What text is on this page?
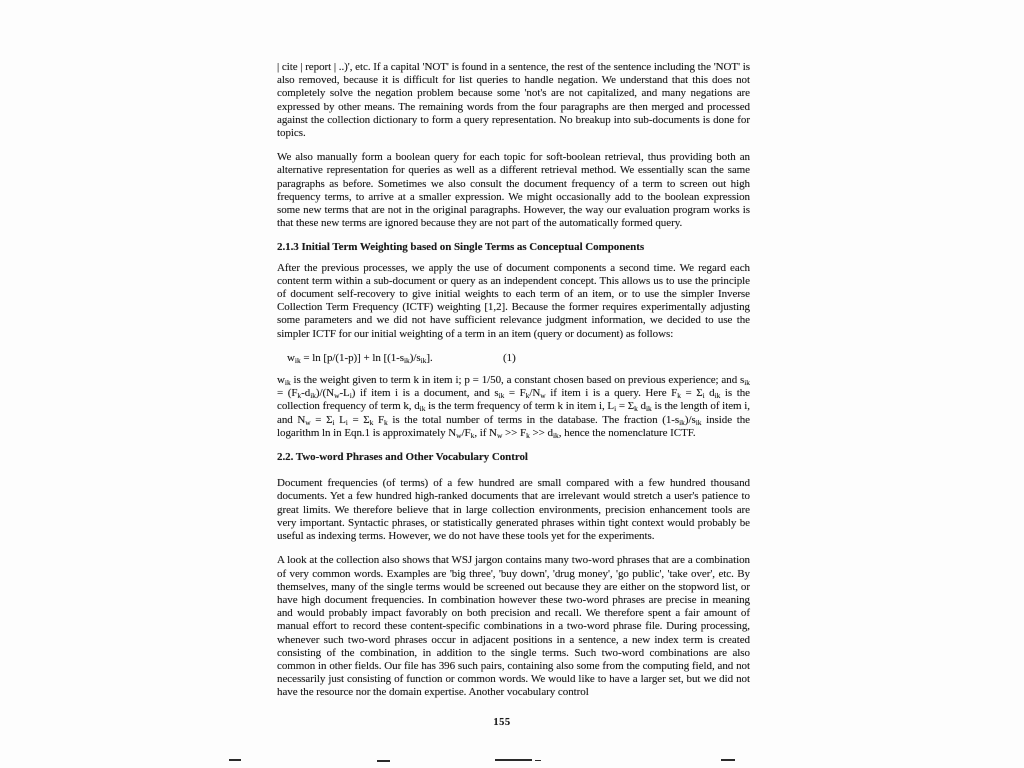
| cite | report | ..)', etc. If a capital 'NOT' is found in a sentence, the rest of the sentence including the 'NOT' is also removed, because it is difficult for list queries to handle negation. We understand that this does not completely solve the negation problem because some 'not's are not capitalized, and many negations are expressed by other means. The remaining words from the four paragraphs are then merged and processed against the collection dictionary to form a query representation. No breakup into sub-documents is done for topics.

We also manually form a boolean query for each topic for soft-boolean retrieval, thus providing both an alternative representation for queries as well as a different retrieval method. We essentially scan the same paragraphs as before. Sometimes we also consult the document frequency of a term to screen out high frequency terms, to arrive at a smaller expression. We might occasionally add to the boolean expression some new terms that are not in the original paragraphs. However, the way our evaluation program works is that these new terms are ignored because they are not part of the automatically formed query.

2.1.3 Initial Term Weighting based on Single Terms as Conceptual Components

After the previous processes, we apply the use of document components a second time. We regard each content term within a sub-document or query as an independent concept. This allows us to use the principle of document self-recovery to give initial weights to each term of an item, or to use the simpler Inverse Collection Term Frequency (ICTF) weighting [1,2]. Because the former requires experimentally adjusting some parameters and we did not have sufficient relevance judgment information, we decided to use the simpler ICTF for our initial weighting of a term in an item (query or document) as follows:

$w_{ik} = \ln [p/(1-p)] + \ln [(1-s_{ik})/s_{ik}]$.	(1)

$w_{ik}$ is the weight given to term k in item i; p = 1/50, a constant chosen based on previous experience; and $s_{ik} = (F_k-d_{ik})/(N_w-L_i)$ if item i is a document, and $s_{ik} = F_k/N_w$ if item i is a query. Here $F_k = \Sigma_i$ $d_{ik}$ is the collection frequency of term k, $d_{ik}$ is the term frequency of term k in item i, $L_i = \Sigma_k$ $d_{ik}$ is the length of item i, and $N_w = \Sigma_i$ $L_i = \Sigma_k$ $F_k$ is the total number of terms in the database. The fraction $(1-s_{ik})/s_{ik}$ inside the logarithm ln in Eqn.1 is approximately $N_w/F_k$, if $N_w >> F_k >> d_{ik}$, hence the nomenclature ICTF.

2.2. Two-word Phrases and Other Vocabulary Control

Document frequencies (of terms) of a few hundred are small compared with a few hundred thousand documents. Yet a few hundred high-ranked documents that are irrelevant would stretch a user's patience to great limits. We therefore believe that in large collection environments, precision enhancement tools are very important. Syntactic phrases, or statistically generated phrases within tight context would probably be useful as indexing terms. However, we do not have these tools yet for the experiments.

A look at the collection also shows that WSJ jargon contains many two-word phrases that are a combination of very common words. Examples are 'big three', 'buy down', 'drug money', 'go public', 'take over', etc. By themselves, many of the single terms would be screened out because they are either on the stopword list, or have high document frequencies. In combination however these two-word phrases are precise in meaning and would probably impact favorably on both precision and recall. We therefore spent a fair amount of manual effort to record these content-specific combinations in a two-word phrase file. During processing, whenever such two-word phrases occur in adjacent positions in a sentence, a new index term is created consisting of the combination, in addition to the single terms. Such two-word combinations are also common in other fields. Our file has 396 such pairs, containing also some from the computing field, and not necessarily just consisting of function or common words. We would like to have a larger set, but we did not have the resource nor the domain expertise. Another vocabulary control

155
